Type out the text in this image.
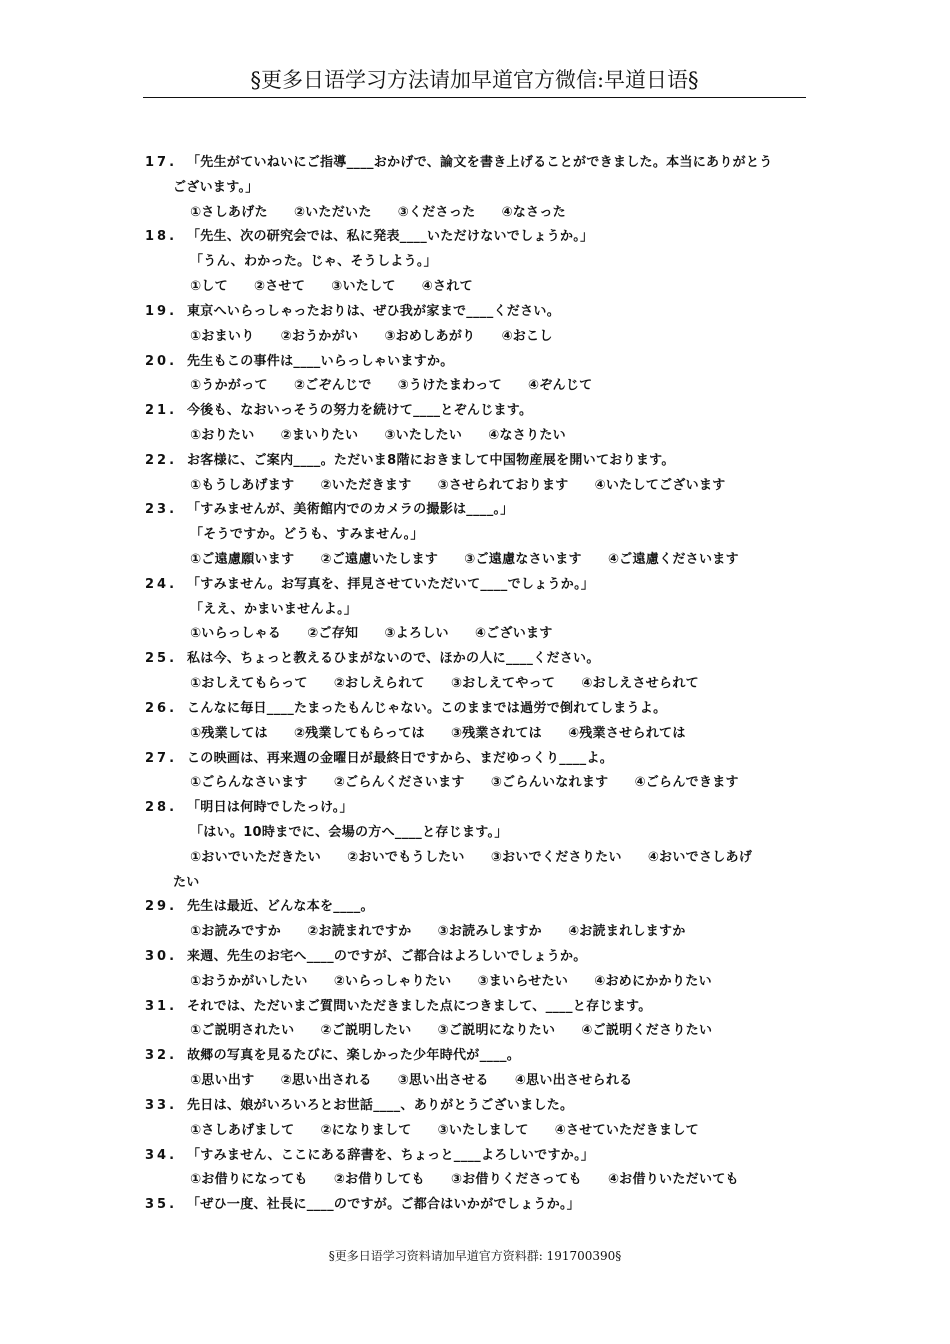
§更多日语学习方法请加早道官方微信:早道日语§
17. 「先生がていねいにご指導____おかげで、論文を書き上げることができました。本当にありがとう
ございます。」
①さしあげた ②いただいた ③くださった ④なさった
18. 「先生、次の研究会では、私に発表____いただけないでしょうか。」
「うん、わかった。じゃ、そうしよう。」
①して ②させて ③いたして ④されて
19. 東京へいらっしゃったおりは、ぜひ我が家まで____ください。
①おまいり ②おうかがい ③おめしあがり ④おこし
20. 先生もこの事件は____いらっしゃいますか。
①うかがって ②ごぞんじで ③うけたまわって ④ぞんじて
21. 今後も、なおいっそうの努力を続けて____とぞんじます。
①おりたい ②まいりたい ③いたしたい ④なさりたい
22. お客様に、ご案内____。ただいま8階におきまして中国物産展を開いております。
①もうしあげます ②いただきます ③させられております ④いたしてございます
23. 「すみませんが、美術館内でのカメラの撮影は____。」
「そうですか。どうも、すみません。」
①ご遠慮願います ②ご遠慮いたします ③ご遠慮なさいます ④ご遠慮くださいます
24. 「すみません。お写真を、拝見させていただいて____でしょうか。」
「ええ、かまいませんよ。」
①いらっしゃる ②ご存知 ③よろしい ④ございます
25. 私は今、ちょっと教えるひまがないので、ほかの人に____ください。
①おしえてもらって ②おしえられて ③おしえてやって ④おしえさせられて
26. こんなに毎日____たまったもんじゃない。このままでは過労で倒れてしまうよ。
①残業しては ②残業してもらっては ③残業されては ④残業させられては
27. この映画は、再来週の金曜日が最終日ですから、まだゆっくり____よ。
①ごらんなさいます ②ごらんくださいます ③ごらんいなれます ④ごらんできます
28. 「明日は何時でしたっけ。」
「はい。10時までに、会場の方へ____と存じます。」
①おいでいただきたい ②おいでもうしたい ③おいでくださりたい ④おいでさしあげ
たい
29. 先生は最近、どんな本を____。
①お読みですか ②お読まれですか ③お読みしますか ④お読まれしますか
30. 来週、先生のお宅へ____のですが、ご都合はよろしいでしょうか。
①おうかがいしたい ②いらっしゃりたい ③まいらせたい ④おめにかかりたい
31. それでは、ただいまご質問いただきました点につきまして、____と存じます。
①ご説明されたい ②ご説明したい ③ご説明になりたい ④ご説明くださりたい
32. 故郷の写真を見るたびに、楽しかった少年時代が____。
①思い出す ②思い出される ③思い出させる ④思い出させられる
33. 先日は、娘がいろいろとお世話____、ありがとうございました。
①さしあげまして ②になりまして ③いたしまして ④させていただきまして
34. 「すみません、ここにある辞書を、ちょっと____よろしいですか。」
①お借りになっても ②お借りしても ③お借りくださっても ④お借りいただいても
35. 「ぜひ一度、社長に____のですが。ご都合はいかがでしょうか。」
§更多日语学习资料请加早道官方资料群: 191700390§
